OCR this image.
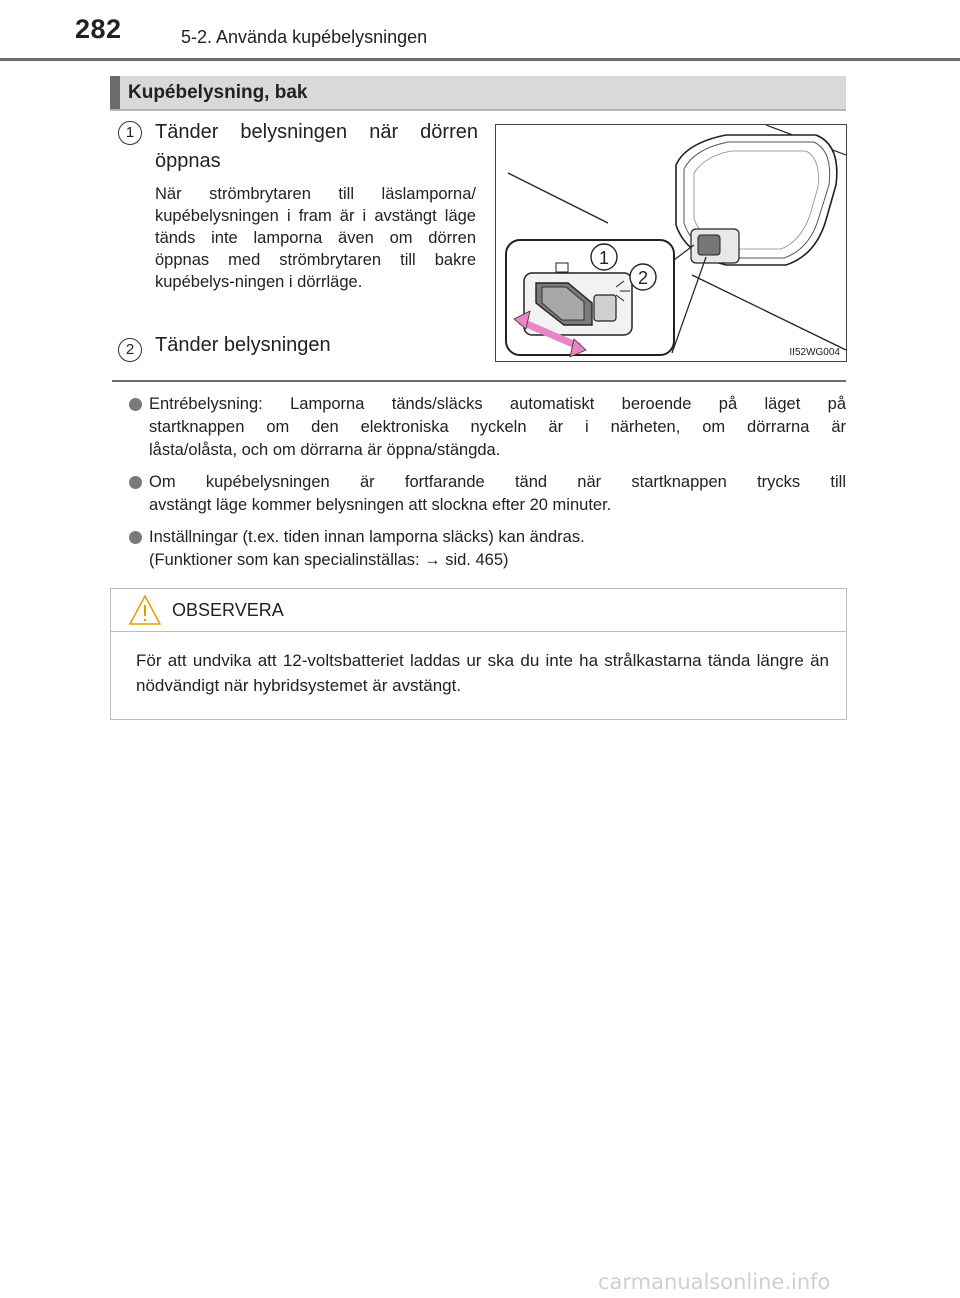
282	5-2. Använda kupébelysningen
Kupébelysning, bak
1	Tänder belysningen när dörren öppnas
När strömbrytaren till läslamporna/ kupébelysningen i fram är i avstängt läge tänds inte lamporna även om dörren öppnas med strömbrytaren till bakre kupébelys-ningen i dörrläge.
2	Tänder belysningen
1
2
II52WG004
Entrébelysning: Lamporna tänds/släcks automatiskt beroende på läget på
startknappen om den elektroniska nyckeln är i närheten, om dörrarna är
låsta/olåsta, och om dörrarna är öppna/stängda.
Om kupébelysningen är fortfarande tänd när startknappen trycks till
avstängt läge kommer belysningen att slockna efter 20 minuter.
Inställningar (t.ex. tiden innan lamporna släcks) kan ändras.
(Funktioner som kan specialinställas: → sid. 465)
OBSERVERA
För att undvika att 12-voltsbatteriet laddas ur ska du inte ha strålkastarna tända längre än nödvändigt när hybridsystemet är avstängt.
carmanualsonline.info
